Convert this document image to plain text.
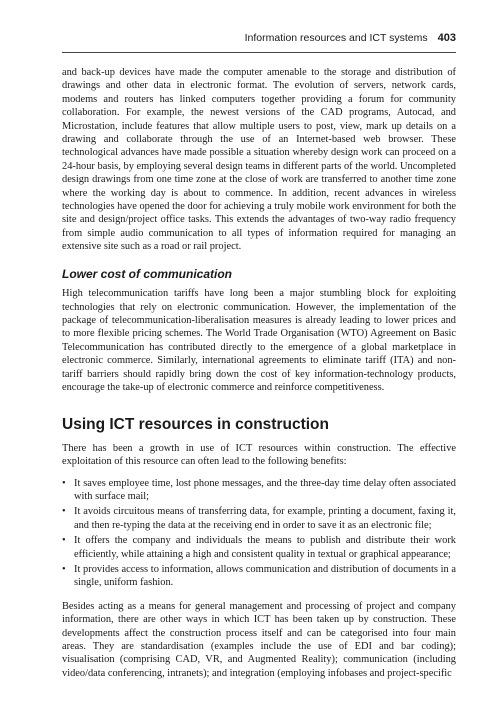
Information resources and ICT systems 403

and back-up devices have made the computer amenable to the storage and distribution of drawings and other data in electronic format. The evolution of servers, network cards, modems and routers has linked computers together providing a forum for community collaboration. For example, the newest versions of the CAD programs, Autocad, and Microstation, include features that allow multiple users to post, view, mark up details on a drawing and collaborate through the use of an Internet-based web browser. These technological advances have made possible a situation whereby design work can proceed on a 24-hour basis, by employing several design teams in different parts of the world. Uncompleted design drawings from one time zone at the close of work are transferred to another time zone where the working day is about to commence. In addition, recent advances in wireless technologies have opened the door for achieving a truly mobile work environment for both the site and design/project office tasks. This extends the advantages of two-way radio frequency from simple audio communication to all types of information required for managing an extensive site such as a road or rail project.

Lower cost of communication

High telecommunication tariffs have long been a major stumbling block for exploiting technologies that rely on electronic communication. However, the implementation of the package of telecommunication-liberalisation measures is already leading to lower prices and to more flexible pricing schemes. The World Trade Organisation (WTO) Agreement on Basic Telecommunication has contributed directly to the emergence of a global marketplace in electronic commerce. Similarly, international agreements to eliminate tariff (ITA) and non-tariff barriers should rapidly bring down the cost of key information-technology products, encourage the take-up of electronic commerce and reinforce competitiveness.

Using ICT resources in construction

There has been a growth in use of ICT resources within construction. The effective exploitation of this resource can often lead to the following benefits:

• It saves employee time, lost phone messages, and the three-day time delay often associated with surface mail;
• It avoids circuitous means of transferring data, for example, printing a document, faxing it, and then re-typing the data at the receiving end in order to save it as an electronic file;
• It offers the company and individuals the means to publish and distribute their work efficiently, while attaining a high and consistent quality in textual or graphical appearance;
• It provides access to information, allows communication and distribution of documents in a single, uniform fashion.

Besides acting as a means for general management and processing of project and company information, there are other ways in which ICT has been taken up by construction. These developments affect the construction process itself and can be categorised into four main areas. They are standardisation (examples include the use of EDI and bar coding); visualisation (comprising CAD, VR, and Augmented Reality); communication (including video/data conferencing, intranets); and integration (employing infobases and project-specific
